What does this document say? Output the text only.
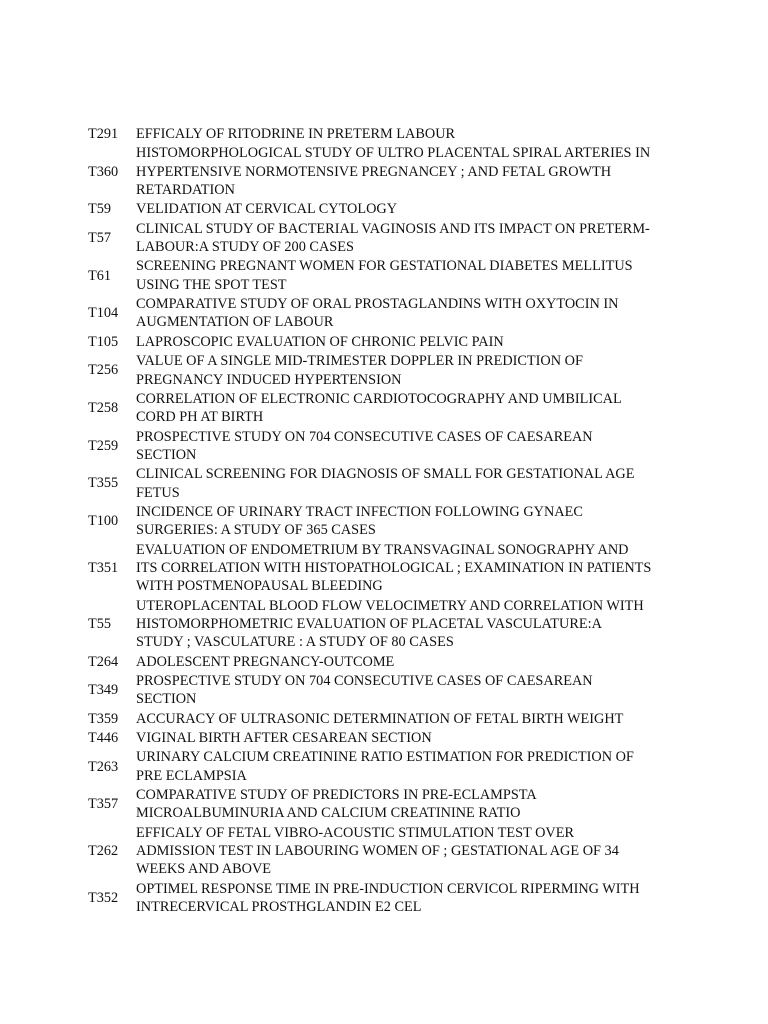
T291	EFFICALY OF RITODRINE IN PRETERM LABOUR
T360
HISTOMORPHOLOGICAL STUDY OF ULTRO PLACENTAL SPIRAL ARTERIES IN
HYPERTENSIVE NORMOTENSIVE PREGNANCEY ; AND FETAL GROWTH
RETARDATION
T59	VELIDATION AT CERVICAL CYTOLOGY
T57
CLINICAL STUDY OF BACTERIAL VAGINOSIS AND ITS IMPACT ON PRETERM-
LABOUR:A STUDY OF 200 CASES
T61
SCREENING PREGNANT WOMEN FOR GESTATIONAL DIABETES MELLITUS
USING THE SPOT TEST
T104
COMPARATIVE STUDY OF ORAL PROSTAGLANDINS WITH OXYTOCIN IN
AUGMENTATION OF LABOUR
T105	LAPROSCOPIC EVALUATION OF CHRONIC PELVIC PAIN
T256
VALUE OF A SINGLE MID-TRIMESTER DOPPLER IN PREDICTION OF
PREGNANCY INDUCED HYPERTENSION
T258
CORRELATION OF ELECTRONIC CARDIOTOCOGRAPHY AND UMBILICAL
CORD PH AT BIRTH
T259
PROSPECTIVE STUDY ON 704 CONSECUTIVE CASES OF CAESAREAN
SECTION
T355
CLINICAL SCREENING FOR DIAGNOSIS OF SMALL FOR GESTATIONAL AGE
FETUS
T100
INCIDENCE OF URINARY TRACT INFECTION FOLLOWING GYNAEC
SURGERIES: A STUDY OF 365 CASES
T351
EVALUATION OF ENDOMETRIUM BY TRANSVAGINAL SONOGRAPHY AND
ITS CORRELATION WITH HISTOPATHOLOGICAL ; EXAMINATION IN PATIENTS
WITH POSTMENOPAUSAL BLEEDING
T55
UTEROPLACENTAL BLOOD FLOW VELOCIMETRY AND CORRELATION WITH
HISTOMORPHOMETRIC EVALUATION OF PLACETAL VASCULATURE:A
STUDY ; VASCULATURE : A STUDY OF 80 CASES
T264	ADOLESCENT PREGNANCY-OUTCOME
T349
PROSPECTIVE STUDY ON 704 CONSECUTIVE CASES OF CAESAREAN
SECTION
T359	ACCURACY OF ULTRASONIC DETERMINATION OF FETAL BIRTH WEIGHT
T446	VIGINAL BIRTH AFTER CESAREAN SECTION
T263
URINARY CALCIUM CREATININE RATIO ESTIMATION FOR PREDICTION OF
PRE ECLAMPSIA
T357
COMPARATIVE STUDY OF PREDICTORS IN PRE-ECLAMPSTA
MICROALBUMINURIA AND CALCIUM CREATININE RATIO
T262
EFFICALY OF FETAL VIBRO-ACOUSTIC STIMULATION TEST OVER
ADMISSION TEST IN LABOURING WOMEN OF ; GESTATIONAL AGE OF 34
WEEKS AND ABOVE
T352
OPTIMEL RESPONSE TIME IN PRE-INDUCTION CERVICOL RIPERMING WITH
INTRECERVICAL PROSTHGLANDIN E2 CEL
